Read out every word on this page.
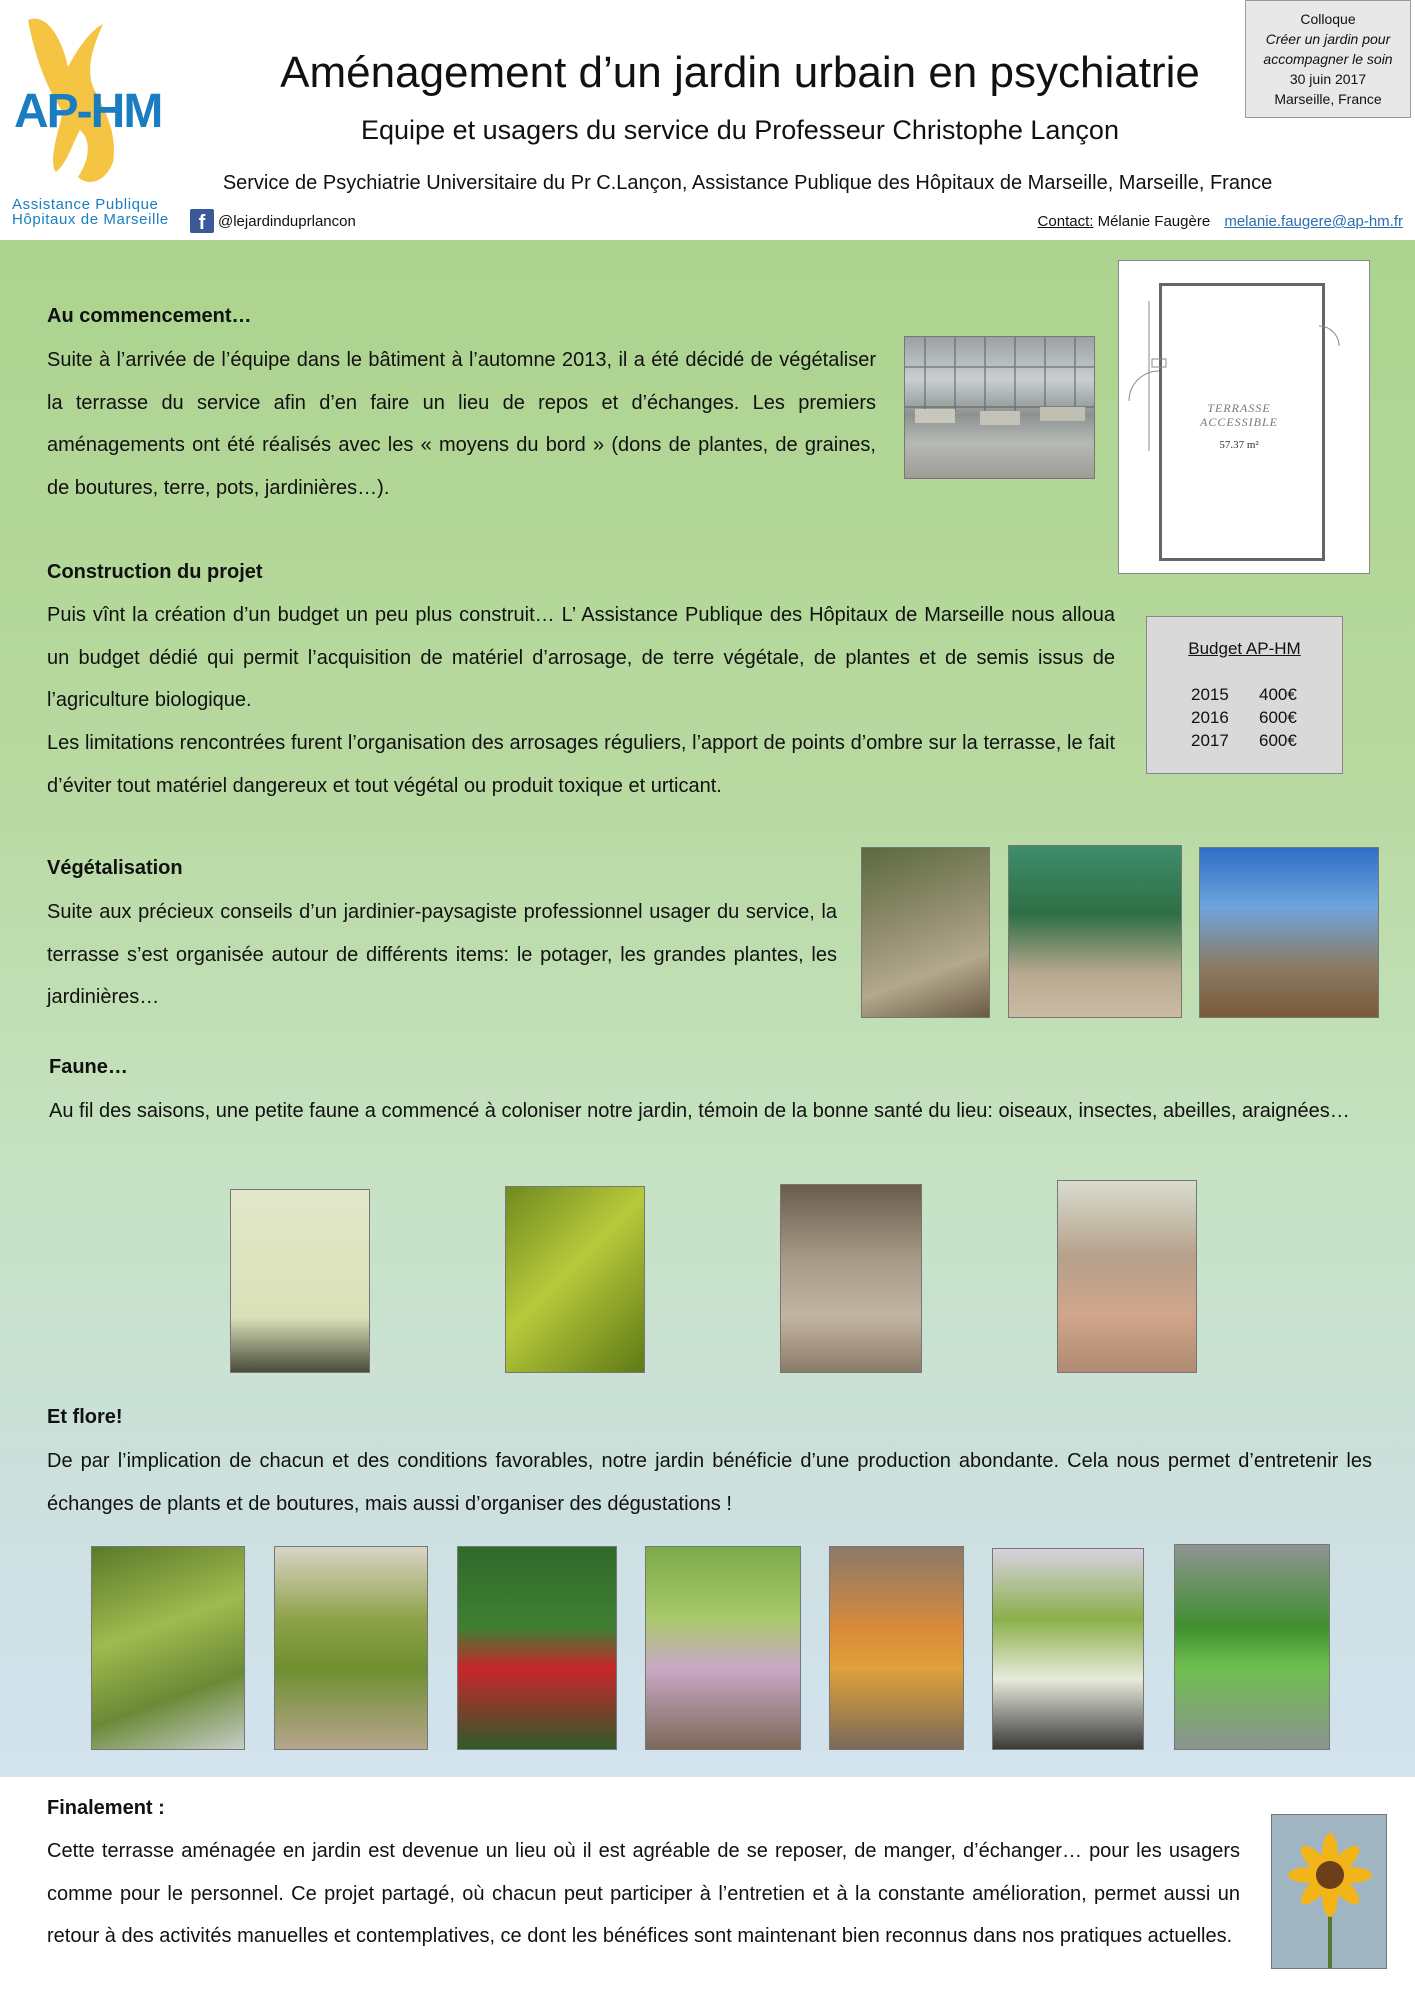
AP-HM
Assistance Publique
Hôpitaux de Marseille
Aménagement d’un jardin urbain en psychiatrie
Equipe et usagers du service du Professeur Christophe Lançon
Service de Psychiatrie Universitaire du Pr C.Lançon, Assistance Publique des Hôpitaux de Marseille, Marseille, France
f @lejardinduprlancon	Contact: Mélanie Faugère melanie.faugere@ap-hm.fr
Colloque
Créer un jardin pour
accompagner le soin
30 juin 2017
Marseille, France
Au commencement…

Suite à l’arrivée de l’équipe dans le bâtiment à l’automne 2013, il a été décidé de végétaliser la terrasse du service afin d’en faire un lieu de repos et d’échanges. Les premiers aménagements ont été réalisés avec les « moyens du bord » (dons de plantes, de graines, de boutures, terre, pots, jardinières…).

TERRASSE
ACCESSIBLE
57.37 m²
Construction du projet

Puis vînt la création d’un budget un peu plus construit… L’ Assistance Publique des Hôpitaux de Marseille nous alloua un budget dédié qui permit l’acquisition de matériel d’arrosage, de terre végétale, de plantes et de semis issus de l’agriculture biologique.

Les limitations rencontrées furent l’organisation des arrosages réguliers, l’apport de points d’ombre sur la terrasse, le fait d’éviter tout matériel dangereux et tout végétal ou produit toxique et urticant.

Budget AP-HM
2015 400€
2016 600€
2017 600€
Végétalisation

Suite aux précieux conseils d’un jardinier-paysagiste professionnel usager du service, la terrasse s’est organisée autour de différents items: le potager, les grandes plantes, les jardinières…

Faune…

Au fil des saisons, une petite faune a commencé à coloniser notre jardin, témoin de la bonne santé du lieu: oiseaux, insectes, abeilles, araignées…

Et flore!

De par l’implication de chacun et des conditions favorables, notre jardin bénéficie d’une production abondante. Cela nous permet d’entretenir les échanges de plants et de boutures, mais aussi d’organiser des dégustations !

Finalement :

Cette terrasse aménagée en jardin est devenue un lieu où il est agréable de se reposer, de manger, d’échanger… pour les usagers comme pour le personnel. Ce projet partagé, où chacun peut participer à l’entretien et à la constante amélioration, permet aussi un retour à des activités manuelles et contemplatives, ce dont les bénéfices sont maintenant bien reconnus dans nos pratiques actuelles.
